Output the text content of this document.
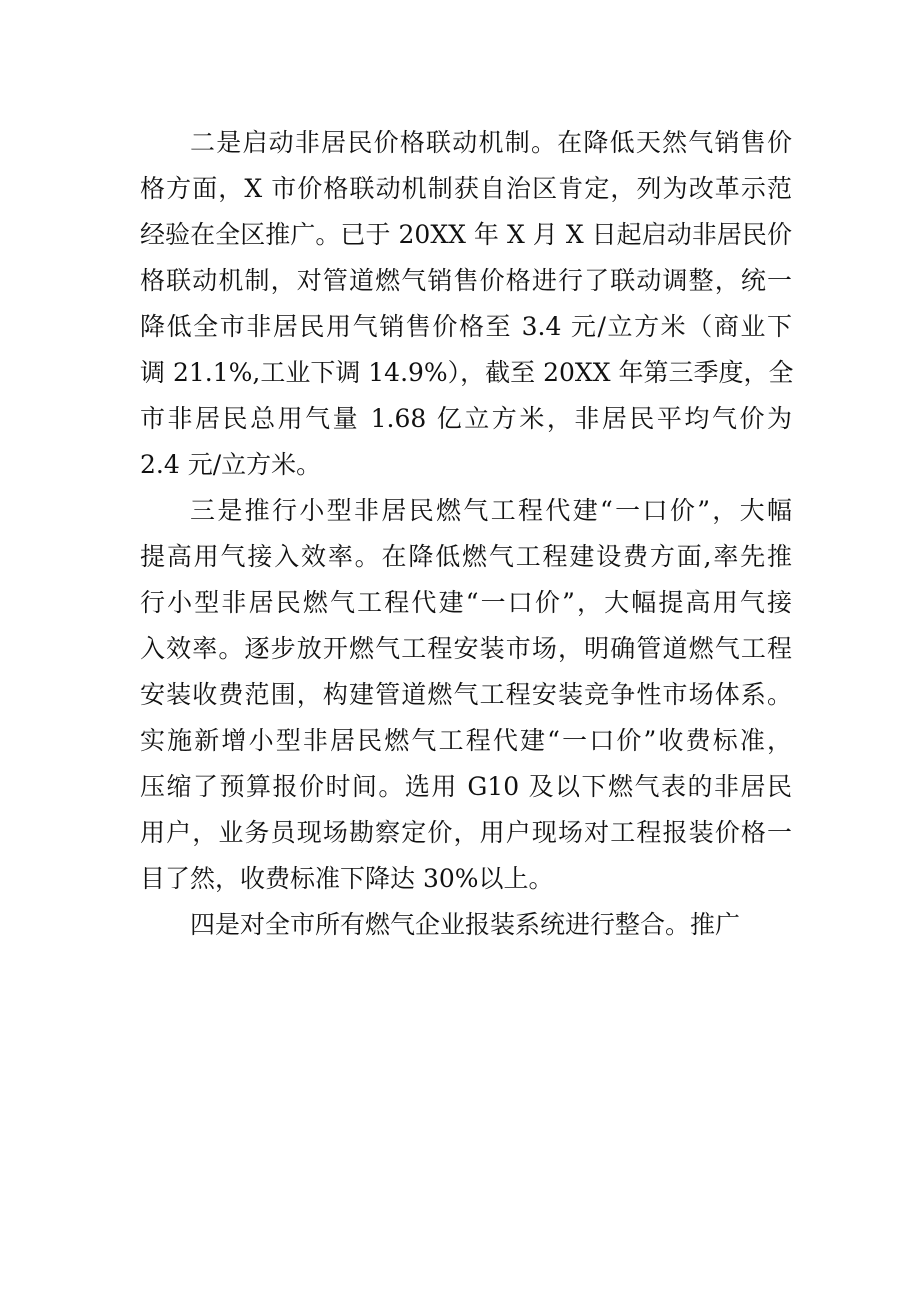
二是启动非居民价格联动机制。在降低天然气销售价
格方面，X 市价格联动机制获自治区肯定，列为改革示范
经验在全区推广。已于 20XX 年 X 月 X 日起启动非居民价
格联动机制，对管道燃气销售价格进行了联动调整，统一
降低全市非居民用气销售价格至 3.4 元/立方米（商业下
调 21.1%,工业下调 14.9%），截至 20XX 年第三季度，全
市非居民总用气量 1.68 亿立方米，非居民平均气价为
2.4 元/立方米。
三是推行小型非居民燃气工程代建“一口价”，大幅
提高用气接入效率。在降低燃气工程建设费方面,率先推
行小型非居民燃气工程代建“一口价”，大幅提高用气接
入效率。逐步放开燃气工程安装市场，明确管道燃气工程
安装收费范围，构建管道燃气工程安装竞争性市场体系。
实施新增小型非居民燃气工程代建“一口价”收费标准，
压缩了预算报价时间。选用 G10 及以下燃气表的非居民
用户，业务员现场勘察定价，用户现场对工程报装价格一
目了然，收费标准下降达 30%以上。
四是对全市所有燃气企业报装系统进行整合。推广
